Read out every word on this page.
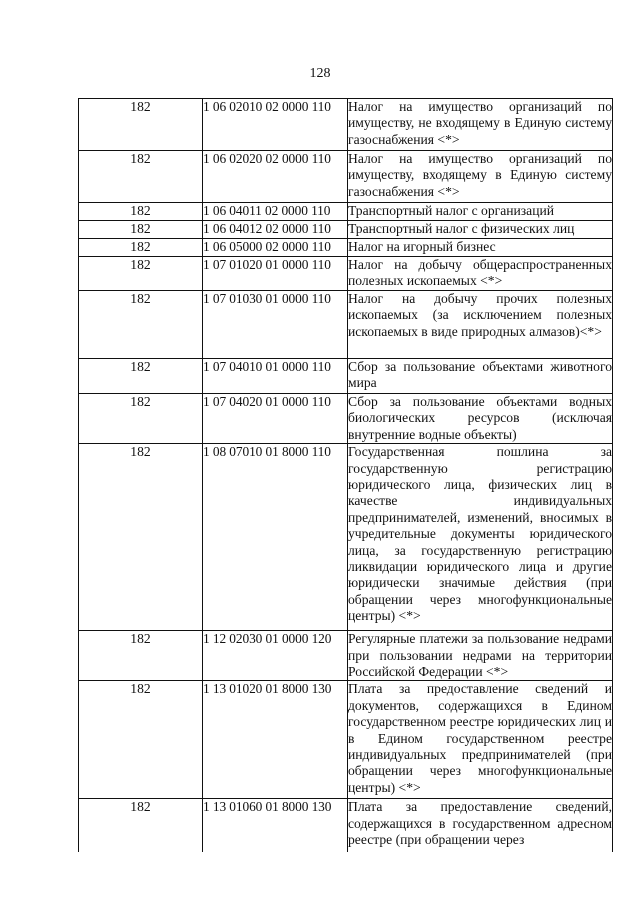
128
182	1 06 02010 02 0000 110	Налог на имущество организаций по имуществу, не входящему в Единую систему газоснабжения <*>
182	1 06 02020 02 0000 110	Налог на имущество организаций по имуществу, входящему в Единую систему газоснабжения <*>
182	1 06 04011 02 0000 110	Транспортный налог с организаций
182	1 06 04012 02 0000 110	Транспортный налог с физических лиц
182	1 06 05000 02 0000 110	Налог на игорный бизнес
182	1 07 01020 01 0000 110	Налог на добычу общераспространенных полезных ископаемых <*>
182	1 07 01030 01 0000 110	Налог на добычу прочих полезных ископаемых (за исключением полезных ископаемых в виде природных алмазов)<*>
182	1 07 04010 01 0000 110	Сбор за пользование объектами животного мира
182	1 07 04020 01 0000 110	Сбор за пользование объектами водных биологических ресурсов (исключая внутренние водные объекты)
182	1 08 07010 01 8000 110	Государственная пошлина за государственную регистрацию юридического лица, физических лиц в качестве индивидуальных предпринимателей, изменений, вносимых в учредительные документы юридического лица, за государственную регистрацию ликвидации юридического лица и другие юридически значимые действия (при обращении через многофункциональные центры) <*>
182	1 12 02030 01 0000 120	Регулярные платежи за пользование недрами при пользовании недрами на территории Российской Федерации <*>
182	1 13 01020 01 8000 130	Плата за предоставление сведений и документов, содержащихся в Едином государственном реестре юридических лиц и в Едином государственном реестре индивидуальных предпринимателей (при обращении через многофункциональные центры) <*>
182	1 13 01060 01 8000 130	Плата за предоставление сведений, содержащихся в государственном адресном реестре (при обращении через
